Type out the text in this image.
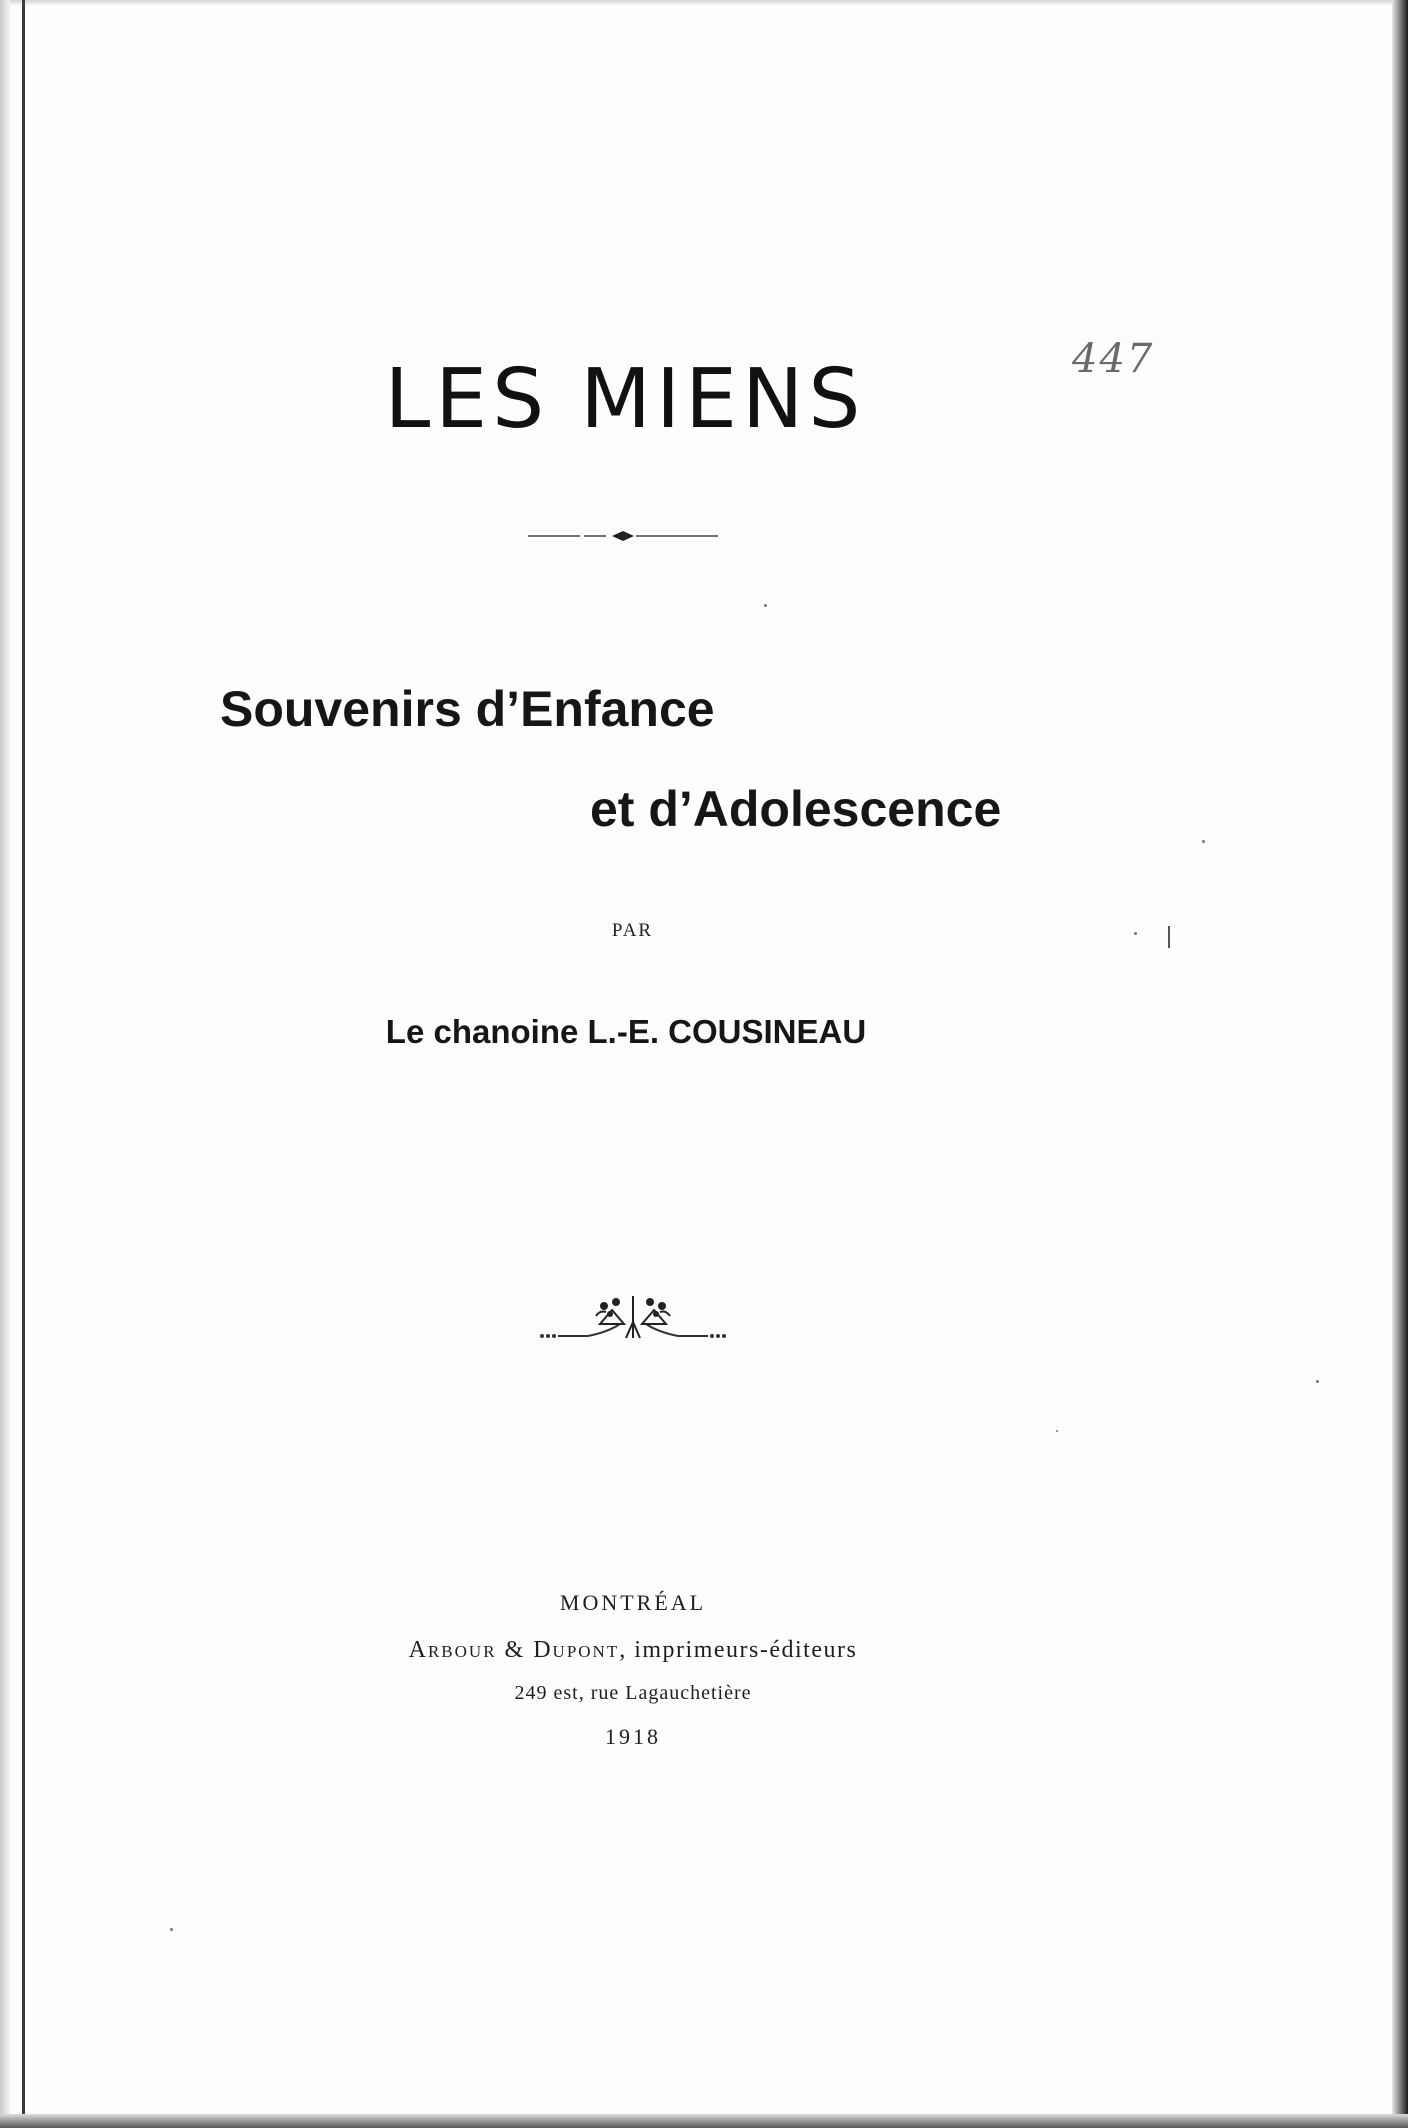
LES MIENS	447
Souvenirs d’Enfance
et d’Adolescence
PAR
Le chanoine L.-E. COUSINEAU
MONTRÉAL
Arbour & Dupont, imprimeurs-éditeurs
249 est, rue Lagauchetière
1918
